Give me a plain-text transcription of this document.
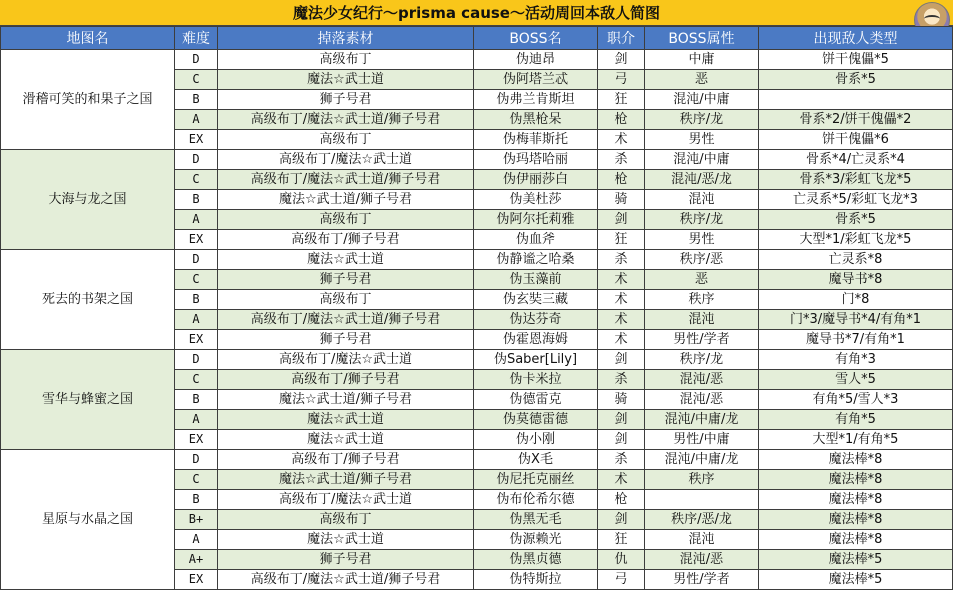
魔法少女纪行～prisma cause～活动周回本敌人简图
地图名	难度	掉落素材	BOSS名	职介	BOSS属性	出现敌人类型
滑稽可笑的和果子之国	D	高级布丁	伪迪昂	剑	中庸	饼干傀儡*5
	C	魔法☆武士道	伪阿塔兰忒	弓	恶	骨系*5
	B	狮子号君	伪弗兰肯斯坦	狂	混沌/中庸	
	A	高级布丁/魔法☆武士道/狮子号君	伪黑枪呆	枪	秩序/龙	骨系*2/饼干傀儡*2
	EX	高级布丁	伪梅菲斯托	术	男性	饼干傀儡*6
大海与龙之国	D	高级布丁/魔法☆武士道	伪玛塔哈丽	杀	混沌/中庸	骨系*4/亡灵系*4
	C	高级布丁/魔法☆武士道/狮子号君	伪伊丽莎白	枪	混沌/恶/龙	骨系*3/彩虹飞龙*5
	B	魔法☆武士道/狮子号君	伪美杜莎	骑	混沌	亡灵系*5/彩虹飞龙*3
	A	高级布丁	伪阿尔托莉雅	剑	秩序/龙	骨系*5
	EX	高级布丁/狮子号君	伪血斧	狂	男性	大型*1/彩虹飞龙*5
死去的书架之国	D	魔法☆武士道	伪静谧之哈桑	杀	秩序/恶	亡灵系*8
	C	狮子号君	伪玉藻前	术	恶	魔导书*8
	B	高级布丁	伪玄奘三藏	术	秩序	门*8
	A	高级布丁/魔法☆武士道/狮子号君	伪达芬奇	术	混沌	门*3/魔导书*4/有角*1
	EX	狮子号君	伪霍恩海姆	术	男性/学者	魔导书*7/有角*1
雪华与蜂蜜之国	D	高级布丁/魔法☆武士道	伪Saber[Lily]	剑	秩序/龙	有角*3
	C	高级布丁/狮子号君	伪卡米拉	杀	混沌/恶	雪人*5
	B	魔法☆武士道/狮子号君	伪德雷克	骑	混沌/恶	有角*5/雪人*3
	A	魔法☆武士道	伪莫德雷德	剑	混沌/中庸/龙	有角*5
	EX	魔法☆武士道	伪小刚	剑	男性/中庸	大型*1/有角*5
星原与水晶之国	D	高级布丁/狮子号君	伪X毛	杀	混沌/中庸/龙	魔法棒*8
	C	魔法☆武士道/狮子号君	伪尼托克丽丝	术	秩序	魔法棒*8
	B	高级布丁/魔法☆武士道	伪布伦希尔德	枪		魔法棒*8
	B+	高级布丁	伪黑无毛	剑	秩序/恶/龙	魔法棒*8
	A	魔法☆武士道	伪源赖光	狂	混沌	魔法棒*8
	A+	狮子号君	伪黑贞德	仇	混沌/恶	魔法棒*5
	EX	高级布丁/魔法☆武士道/狮子号君	伪特斯拉	弓	男性/学者	魔法棒*5
